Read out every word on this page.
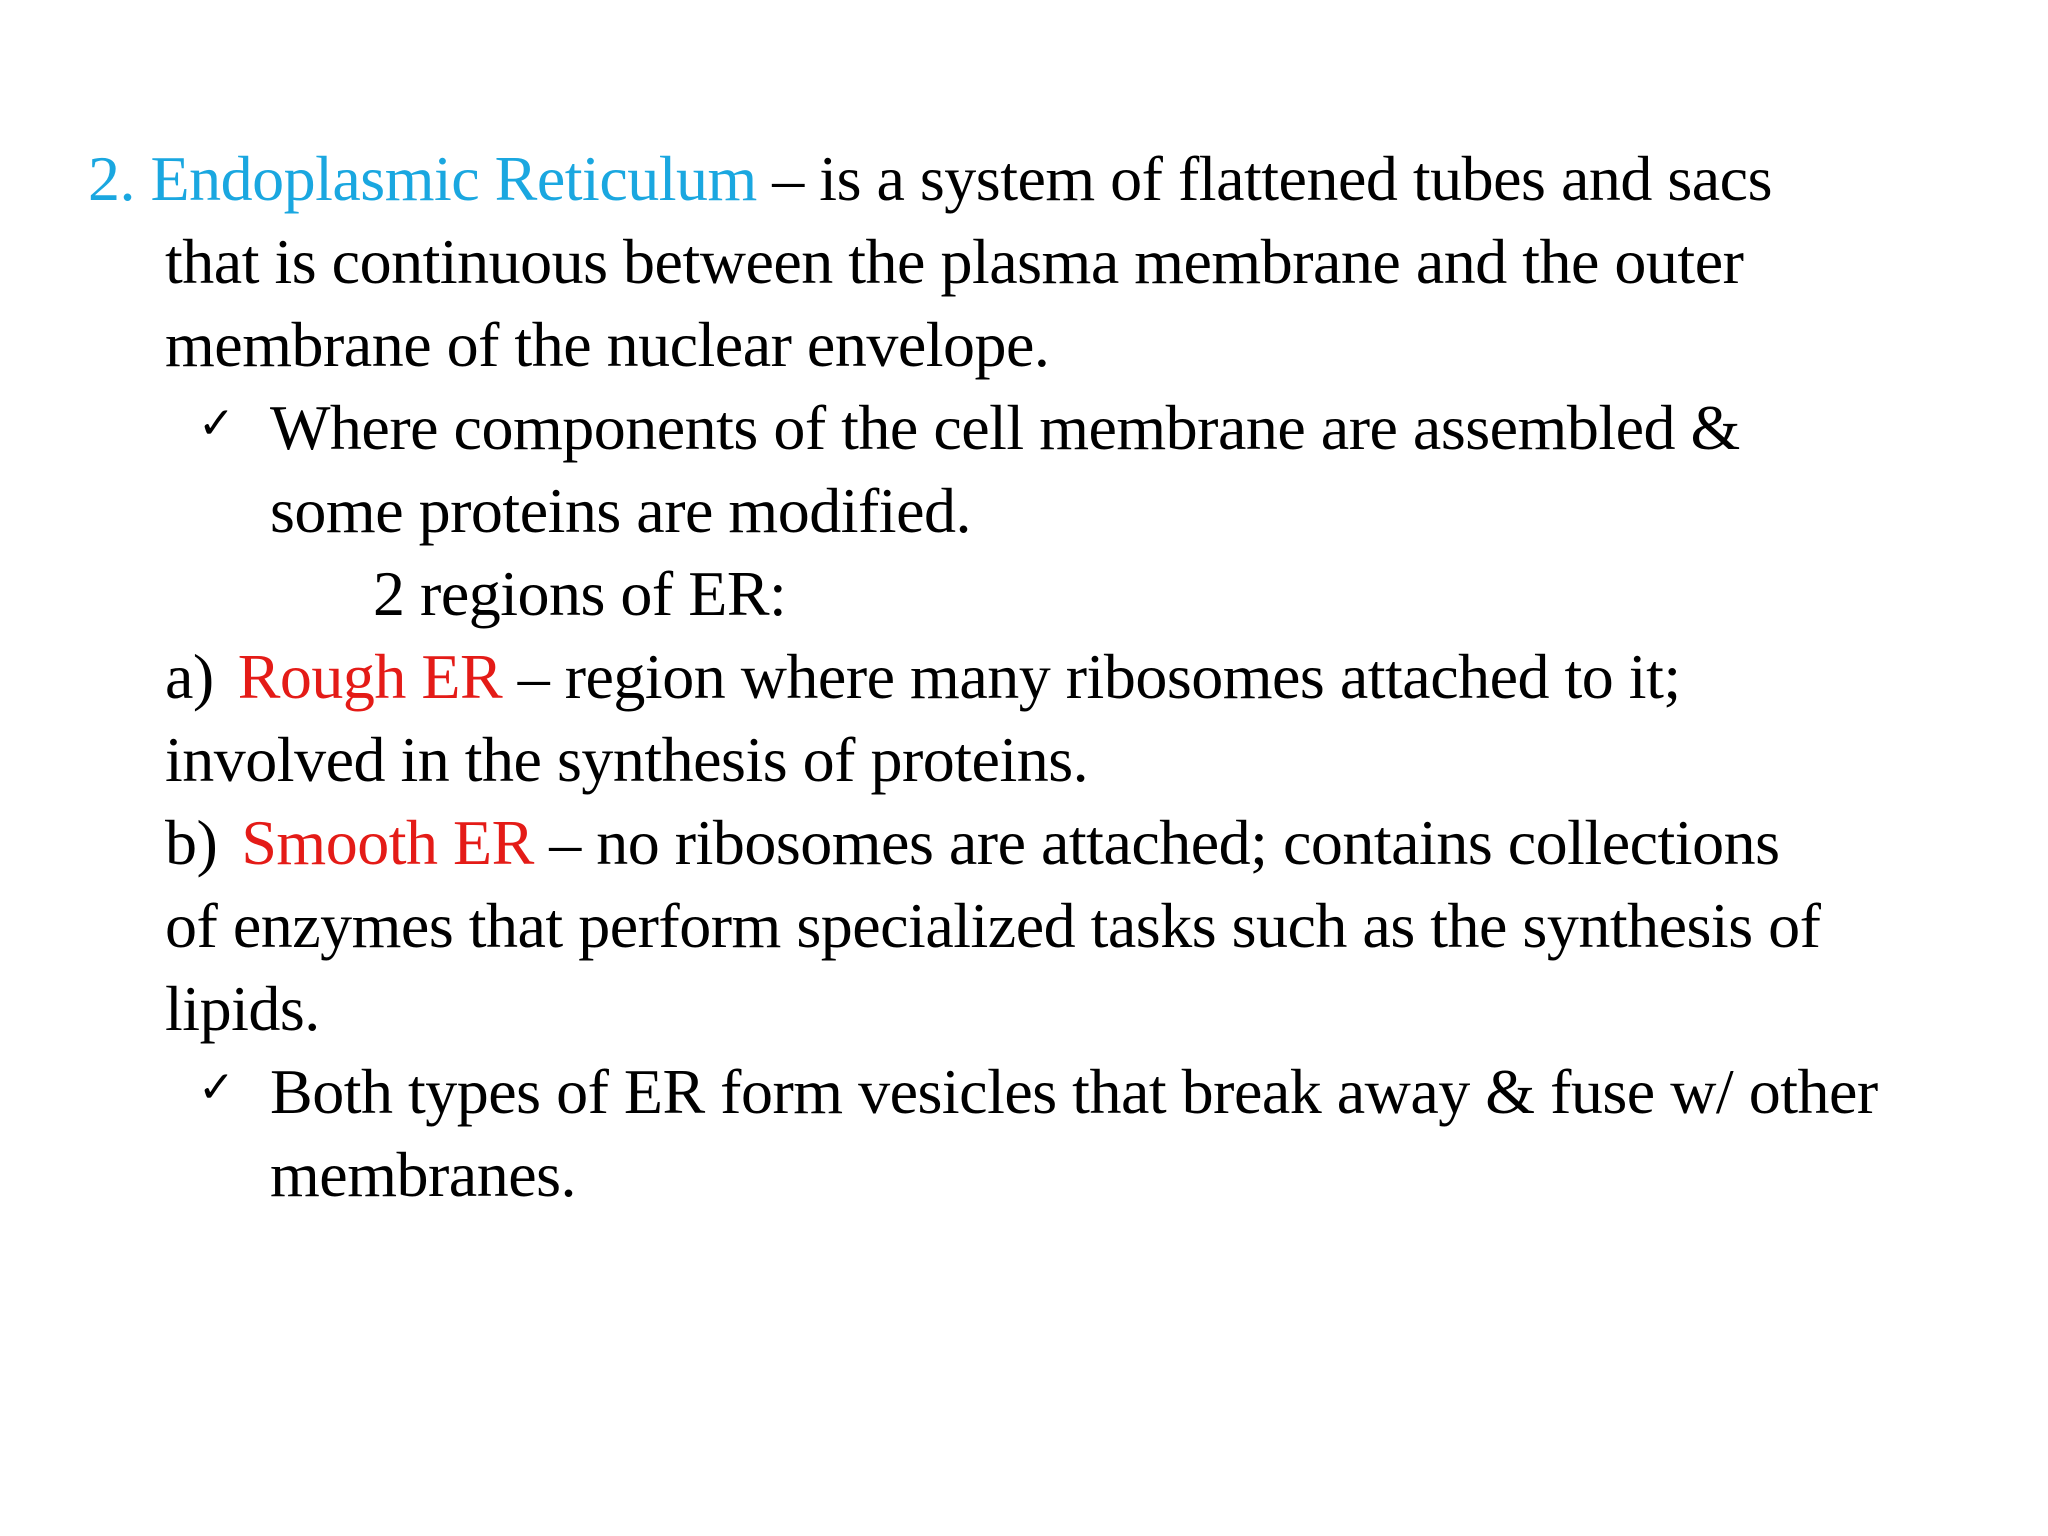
2. Endoplasmic Reticulum – is a system of flattened tubes and sacs
that is continuous between the plasma membrane and the outer
membrane of the nuclear envelope.
✓ Where components of the cell membrane are assembled &
some proteins are modified.
2 regions of ER:
a) Rough ER – region where many ribosomes attached to it;
involved in the synthesis of proteins.
b) Smooth ER – no ribosomes are attached; contains collections
of enzymes that perform specialized tasks such as the synthesis of
lipids.
✓ Both types of ER form vesicles that break away & fuse w/ other
membranes.
